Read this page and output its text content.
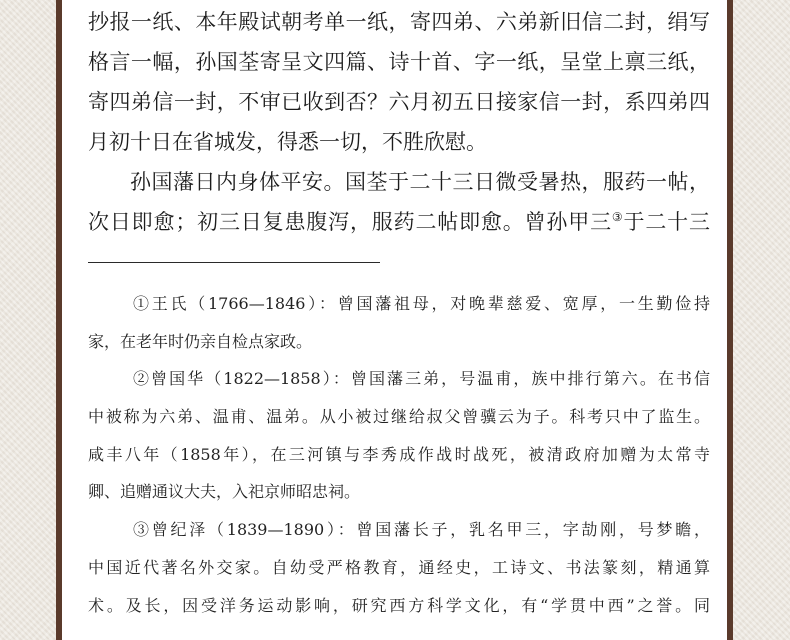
抄报一纸、本年殿试朝考单一纸，寄四弟、六弟新旧信二封，绢写
格言一幅，孙国荃寄呈文四篇、诗十首、字一纸，呈堂上禀三纸，
寄四弟信一封，不审已收到否？六月初五日接家信一封，系四弟四
月初十日在省城发，得悉一切，不胜欣慰。
孙国藩日内身体平安。国荃于二十三日微受暑热，服药一帖，
次日即愈；初三日复患腹泻，服药二帖即愈。曾孙甲三③于二十三
①王氏（1766—1846）：曾国藩祖母，对晚辈慈爱、宽厚，一生勤俭持
家，在老年时仍亲自检点家政。
②曾国华（1822—1858）：曾国藩三弟，号温甫，族中排行第六。在书信
中被称为六弟、温甫、温弟。从小被过继给叔父曾骥云为子。科考只中了监生。
咸丰八年（1858年），在三河镇与李秀成作战时战死，被清政府加赠为太常寺
卿、追赠通议大夫，入祀京师昭忠祠。
③曾纪泽（1839—1890）：曾国藩长子，乳名甲三，字劼刚，号梦瞻，
中国近代著名外交家。自幼受严格教育，通经史，工诗文、书法篆刻，精通算
术。及长，因受洋务运动影响，研究西方科学文化，有“学贯中西”之誉。同
